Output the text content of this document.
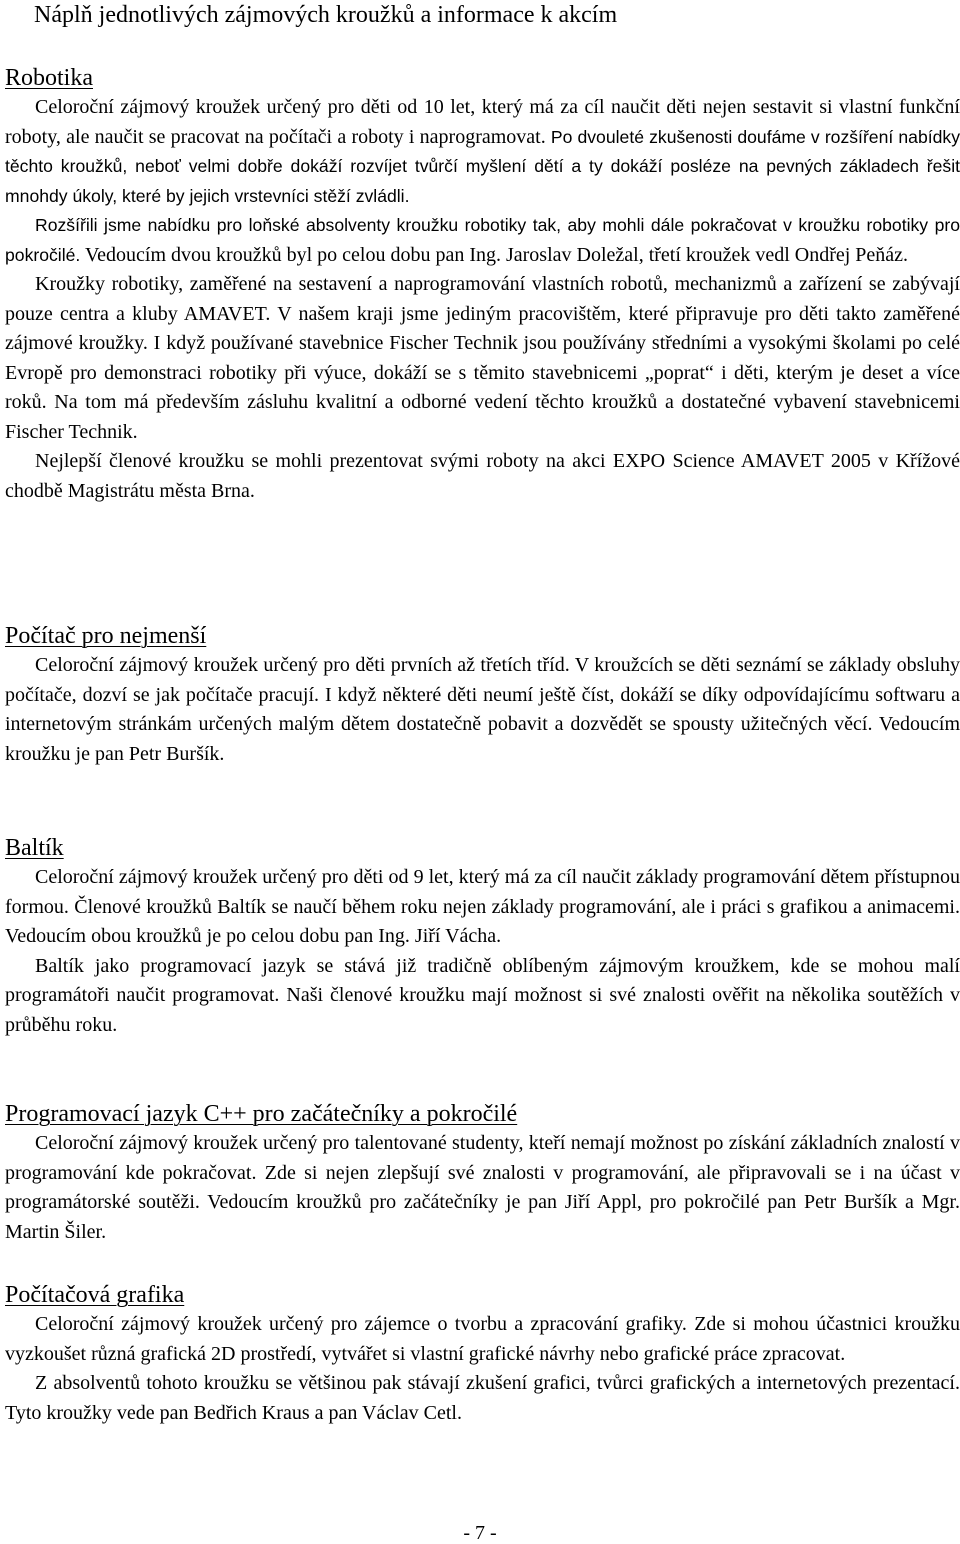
Náplň jednotlivých zájmových kroužků a informace k akcím
Robotika

Celoroční zájmový kroužek určený pro děti od 10 let, který má za cíl naučit děti nejen sestavit si vlastní funkční roboty, ale naučit se pracovat na počítači a roboty i naprogramovat. Po dvouleté zkušenosti doufáme v rozšíření nabídky těchto kroužků, neboť velmi dobře dokáží rozvíjet tvůrčí myšlení dětí a ty dokáží posléze na pevných základech řešit mnohdy úkoly, které by jejich vrstevníci stěží zvládli.

Rozšířili jsme nabídku pro loňské absolventy kroužku robotiky tak, aby mohli dále pokračovat v kroužku robotiky pro pokročilé. Vedoucím dvou kroužků byl po celou dobu pan Ing. Jaroslav Doležal, třetí kroužek vedl Ondřej Peňáz.

Kroužky robotiky, zaměřené na sestavení a naprogramování vlastních robotů, mechanizmů a zařízení se zabývají pouze centra a kluby AMAVET. V našem kraji jsme jediným pracovištěm, které připravuje pro děti takto zaměřené zájmové kroužky. I když používané stavebnice Fischer Technik jsou používány středními a vysokými školami po celé Evropě pro demonstraci robotiky při výuce, dokáží se s těmito stavebnicemi „poprat“ i děti, kterým je deset a více roků. Na tom má především zásluhu kvalitní a odborné vedení těchto kroužků a dostatečné vybavení stavebnicemi Fischer Technik.

Nejlepší členové kroužku se mohli prezentovat svými roboty na akci EXPO Science AMAVET 2005 v Křížové chodbě Magistrátu města Brna.

Počítač pro nejmenší

Celoroční zájmový kroužek určený pro děti prvních až třetích tříd. V kroužcích se děti seznámí se základy obsluhy počítače, dozví se jak počítače pracují. I když některé děti neumí ještě číst, dokáží se díky odpovídajícímu softwaru a internetovým stránkám určených malým dětem dostatečně pobavit a dozvědět se spousty užitečných věcí. Vedoucím kroužku je pan Petr Buršík.

Baltík

Celoroční zájmový kroužek určený pro děti od 9 let, který má za cíl naučit základy programování dětem přístupnou formou. Členové kroužků Baltík se naučí během roku nejen základy programování, ale i práci s grafikou a animacemi. Vedoucím obou kroužků je po celou dobu pan Ing. Jiří Vácha.

Baltík jako programovací jazyk se stává již tradičně oblíbeným zájmovým kroužkem, kde se mohou malí programátoři naučit programovat. Naši členové kroužku mají možnost si své znalosti ověřit na několika soutěžích v průběhu roku.

Programovací jazyk C++ pro začátečníky a pokročilé

Celoroční zájmový kroužek určený pro talentované studenty, kteří nemají možnost po získání základních znalostí v programování kde pokračovat. Zde si nejen zlepšují své znalosti v programování, ale připravovali se i na účast v programátorské soutěži. Vedoucím kroužků pro začátečníky je pan Jiří Appl, pro pokročilé pan Petr Buršík a Mgr. Martin Šiler.

Počítačová grafika

Celoroční zájmový kroužek určený pro zájemce o tvorbu a zpracování grafiky. Zde si mohou účastnici kroužku vyzkoušet různá grafická 2D prostředí, vytvářet si vlastní grafické návrhy nebo grafické práce zpracovat.

Z absolventů tohoto kroužku se většinou pak stávají zkušení grafici, tvůrci grafických a internetových prezentací. Tyto kroužky vede pan Bedřich Kraus a pan Václav Cetl.

- 7 -
